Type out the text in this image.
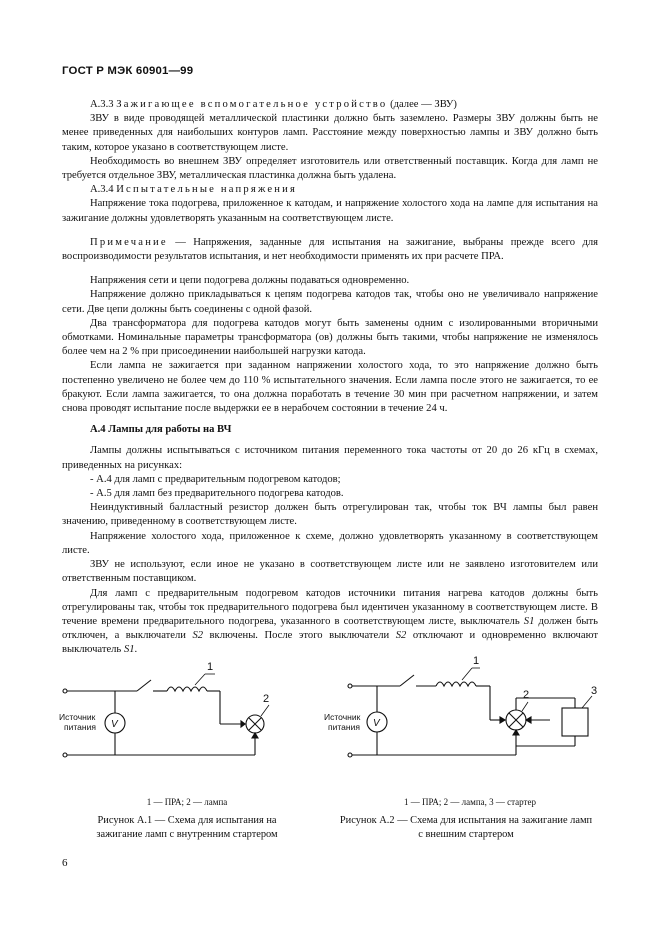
ГОСТ Р МЭК 60901—99

А.3.3 Зажигающее вспомогательное устройство (далее — ЗВУ)

ЗВУ в виде проводящей металлической пластинки должно быть заземлено. Размеры ЗВУ должны быть не менее приведенных для наибольших контуров ламп. Расстояние между поверхностью лампы и ЗВУ должно быть таким, которое указано в соответствующем листе.

Необходимость во внешнем ЗВУ определяет изготовитель или ответственный поставщик. Когда для ламп не требуется отдельное ЗВУ, металлическая пластинка должна быть удалена.

А.3.4 Испытательные напряжения

Напряжение тока подогрева, приложенное к катодам, и напряжение холостого хода на лампе для испытания на зажигание должны удовлетворять указанным на соответствующем листе.

Примечание — Напряжения, заданные для испытания на зажигание, выбраны прежде всего для воспроизводимости результатов испытания, и нет необходимости применять их при расчете ПРА.

Напряжения сети и цепи подогрева должны подаваться одновременно.

Напряжение должно прикладываться к цепям подогрева катодов так, чтобы оно не увеличивало напряжение сети. Две цепи должны быть соединены с одной фазой.

Два трансформатора для подогрева катодов могут быть заменены одним с изолированными вторичными обмотками. Номинальные параметры трансформатора (ов) должны быть такими, чтобы напряжение не изменялось более чем на 2 % при присоединении наибольшей нагрузки катода.

Если лампа не зажигается при заданном напряжении холостого хода, то это напряжение должно быть постепенно увеличено не более чем до 110 % испытательного значения. Если лампа после этого не зажигается, то ее бракуют. Если лампа зажигается, то она должна поработать в течение 30 мин при расчетном напряжении, и затем снова проводят испытание после выдержки ее в нерабочем состоянии в течение 24 ч.

А.4 Лампы для работы на ВЧ

Лампы должны испытываться с источником питания переменного тока частоты от 20 до 26 кГц в схемах, приведенных на рисунках:

- А.4 для ламп с предварительным подогревом катодов;

- А.5 для ламп без предварительного подогрева катодов.

Неиндуктивный балластный резистор должен быть отрегулирован так, чтобы ток ВЧ лампы был равен значению, приведенному в соответствующем листе.

Напряжение холостого хода, приложенное к схеме, должно удовлетворять указанному в соответствующем листе.

ЗВУ не используют, если иное не указано в соответствующем листе или не заявлено изготовителем или ответственным поставщиком.

Для ламп с предварительным подогревом катодов источники питания нагрева катодов должны быть отрегулированы так, чтобы ток предварительного подогрева был идентичен указанному в соответствующем листе. В течение времени предварительного подогрева, указанного в соответствующем листе, выключатель S1 должен быть отключен, а выключатели S2 включены. После этого выключатели S2 отключают и одновременно включают выключатель S1.

1
2
V
Источник
питания
1
2	3
V
Источник
питания
1 — ПРА; 2 — лампа
Рисунок А.1 — Схема для испытания на
зажигание ламп с внутренним стартером
1 — ПРА; 2 — лампа, 3 — стартер
Рисунок А.2 — Схема для испытания на зажигание ламп
с внешним стартером
6
